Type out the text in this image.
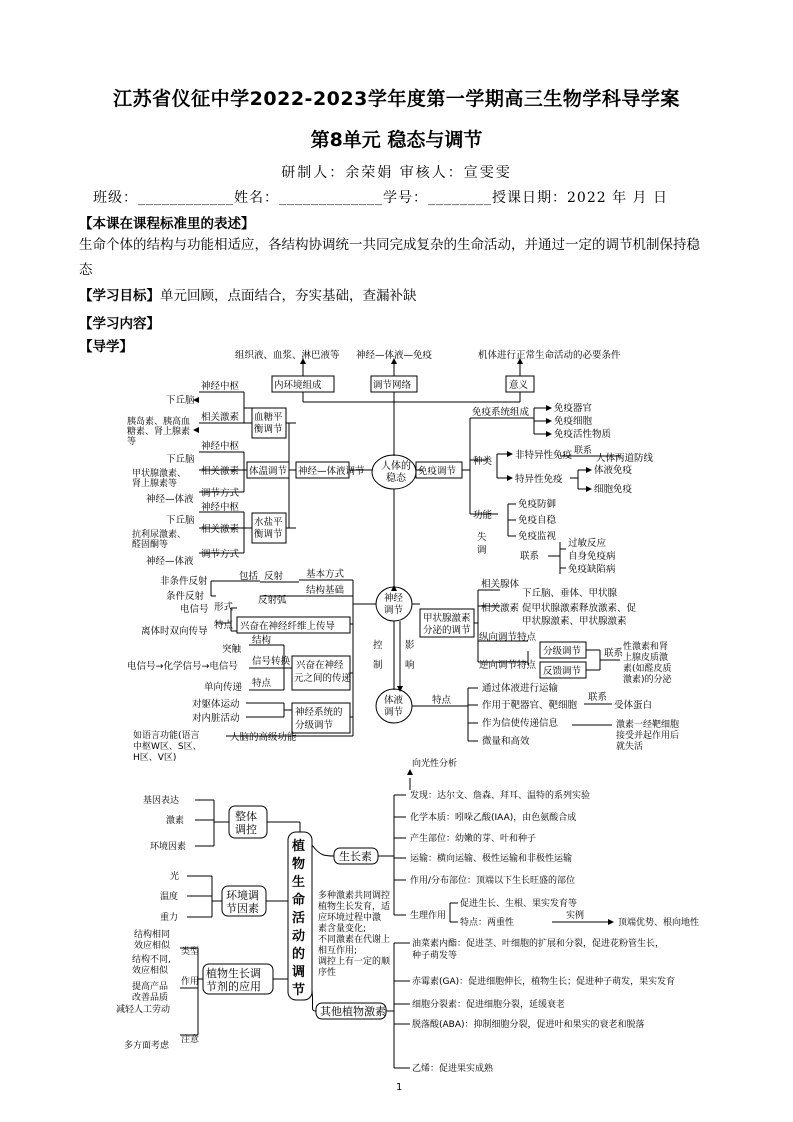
江苏省仪征中学2022-2023学年度第一学期高三生物学科导学案
第8单元 稳态与调节
研制人：余荣娟 审核人：宣雯雯
班级：____________姓名：_____________学号：________授课日期：2022 年 月 日
【本课在课程标准里的表述】
生命个体的结构与功能相适应，各结构协调统一共同完成复杂的生命活动，并通过一定的调节机制保持稳
态
【学习目标】单元回顾，点面结合，夯实基础，查漏补缺
【学习内容】
【导学】
组织液、血浆、淋巴液等 神经—体液—免疫	机体进行正常生命活动的必要条件
内环境组成	调节网络	意义
人体的
稳态
神经—体液调节	免疫调节
血糖平
衡调节
神经中枢
下丘脑
相关激素
胰岛素、胰高血
糖素、肾上腺素
等
体温调节
神经中枢
下丘脑
相关激素
甲状腺激素、
肾上腺素等
调节方式
神经—体液
水盐平
衡调节
神经中枢
下丘脑
相关激素
抗利尿激素、
醛固酮等
调节方式
神经—体液
免疫系统组成	免疫器官
免疫细胞
免疫活性物质
种类
非特异性免疫 联系
人体两道防线
特异性免疫
体液免疫
细胞免疫
功能
免疫防御
免疫自稳
免疫监视
失
调
联系
过敏反应
自身免疫病
免疫缺陷病
神经
调节
体液
调节
控
制
影
响
基本方式
反射
包括
非条件反射
条件反射
结构基础
反射弧
兴奋在神经纤维上传导
形式
电信号
特点
离体时双向传导
兴奋在神经
元之间的传递
结构
突触
信号转换
电信号→化学信号→电信号
特点
单向传递
神经系统的
分级调节
对躯体运动
对内脏活动
人脑的高级功能
如语言功能(语言
中枢W区、S区、
H区、V区)
甲状腺激素
分泌的调节
相关腺体
下丘脑、垂体、甲状腺
相关激素 促甲状腺激素释放激素、促
甲状腺激素、甲状腺激素
纵向调节特点
分级调节
逆向调节特点
反馈调节
联系
性激素和肾
上腺皮质激
素(如醛皮质
激素)的分泌
特点
通过体液进行运输
作用于靶器官、靶细胞
作为信使传递信息
微量和高效
联系
受体蛋白
激素一经靶细胞
接受并起作用后
就失活
植
物
生
命
活
动
的
调
节
整体
调控
基因表达
激素
环境因素
环境调
节因素
光
温度
重力
植物生长调
节剂的应用
类型
结构相同
效应相似
结构不同,
效应相似
作用
提高产品
改善品质
注意
减轻人工劳动
多方面考虑
多种激素共同调控
植物生长发育，适
应环境过程中激
素含量变化;
不同激素在代谢上
相互作用;
调控上有一定的顺
序性
生长素
向光性分析
发现：达尔文、詹森、拜耳、温特的系列实验
化学本质：吲哚乙酸(IAA)，由色氨酸合成
产生部位：幼嫩的芽、叶和种子
运输：横向运输、极性运输和非极性运输
作用/分布部位：顶端以下生长旺盛的部位
生理作用
促进生长、生根、果实发育等
特点：两重性
实例
顶端优势、根向地性
其他植物激素
油菜素内酯：促进茎、叶细胞的扩展和分裂，促进花粉管生长，
种子萌发等
赤霉素(GA)：促进细胞伸长，植物生长；促进种子萌发，果实发育
细胞分裂素：促进细胞分裂，延缓衰老
脱落酸(ABA)：抑制细胞分裂，促进叶和果实的衰老和脱落
乙烯：促进果实成熟
1
